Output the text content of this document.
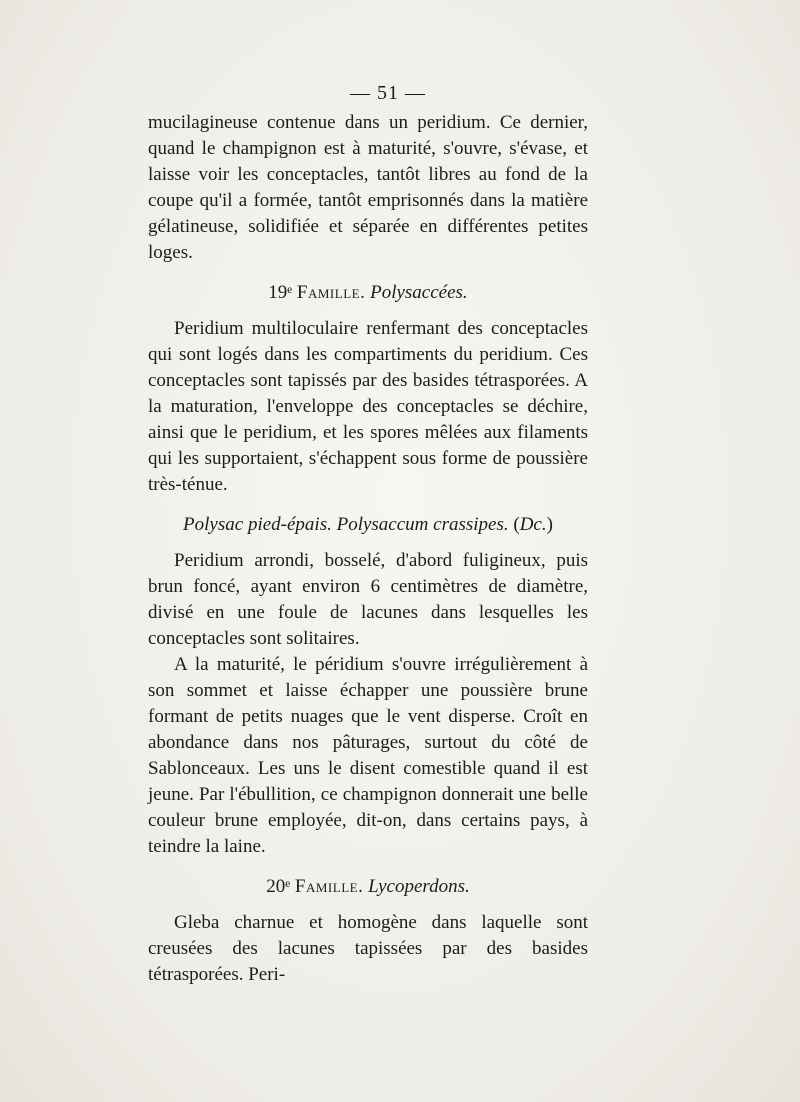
— 51 —

mucilagineuse contenue dans un peridium. Ce dernier, quand le champignon est à maturité, s'ouvre, s'évase, et laisse voir les conceptacles, tantôt libres au fond de la coupe qu'il a formée, tantôt emprisonnés dans la matière gélatineuse, solidifiée et séparée en différentes petites loges.

19ᵉ Famille. Polysaccées.

Peridium multiloculaire renfermant des conceptacles qui sont logés dans les compartiments du peridium. Ces conceptacles sont tapissés par des basides tétrasporées. A la maturation, l'enveloppe des conceptacles se déchire, ainsi que le peridium, et les spores mêlées aux filaments qui les supportaient, s'échappent sous forme de poussière très-ténue.

Polysac pied-épais. Polysaccum crassipes. (Dc.)

Peridium arrondi, bosselé, d'abord fuligineux, puis brun foncé, ayant environ 6 centimètres de diamètre, divisé en une foule de lacunes dans lesquelles les conceptacles sont solitaires.

A la maturité, le péridium s'ouvre irrégulièrement à son sommet et laisse échapper une poussière brune formant de petits nuages que le vent disperse. Croît en abondance dans nos pâturages, surtout du côté de Sablonceaux. Les uns le disent comestible quand il est jeune. Par l'ébullition, ce champignon donnerait une belle couleur brune employée, dit-on, dans certains pays, à teindre la laine.

20ᵉ Famille. Lycoperdons.

Gleba charnue et homogène dans laquelle sont creusées des lacunes tapissées par des basides tétrasporées. Peri-
